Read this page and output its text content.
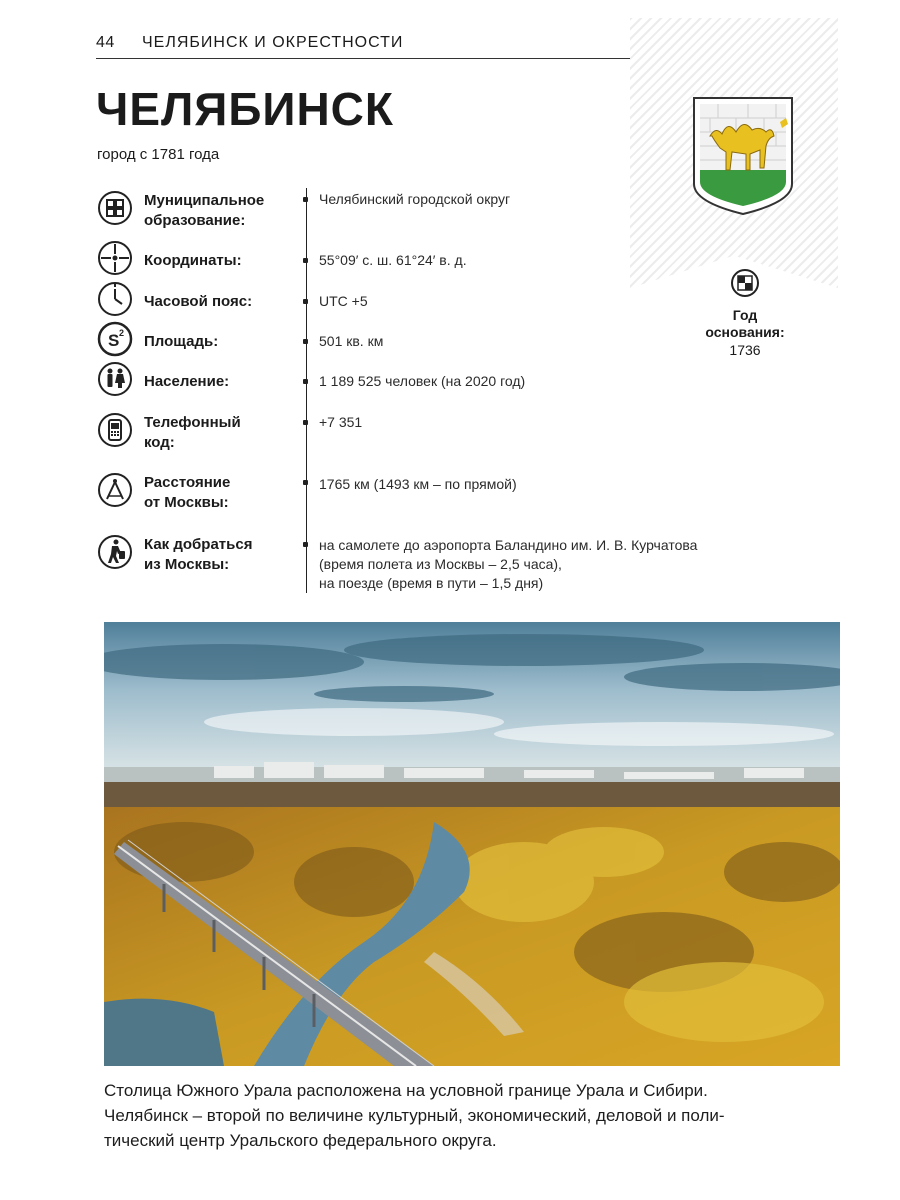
44 ЧЕЛЯБИНСК И ОКРЕСТНОСТИ
Год
основания:
1736
ЧЕЛЯБИНСК
город с 1781 года
Муниципальное
образование:
Челябинский городской округ
Координаты:	55°09′ с. ш. 61°24′ в. д.
Часовой пояс:	UTC +5
S 2 Площадь:	501 кв. км
Население:	1 189 525 человек (на 2020 год)
Телефонный
код:
+7 351
Расстояние
от Москвы:
1765 км (1493 км – по прямой)
Как добраться
из Москвы:
на самолете до аэропорта Баландино им. И. В. Курчатова
(время полета из Москвы – 2,5 часа),
на поезде (время в пути – 1,5 дня)
Столица Южного Урала расположена на условной границе Урала и Сибири.
Челябинск – второй по величине культурный, экономический, деловой и поли-
тический центр Уральского федерального округа.
